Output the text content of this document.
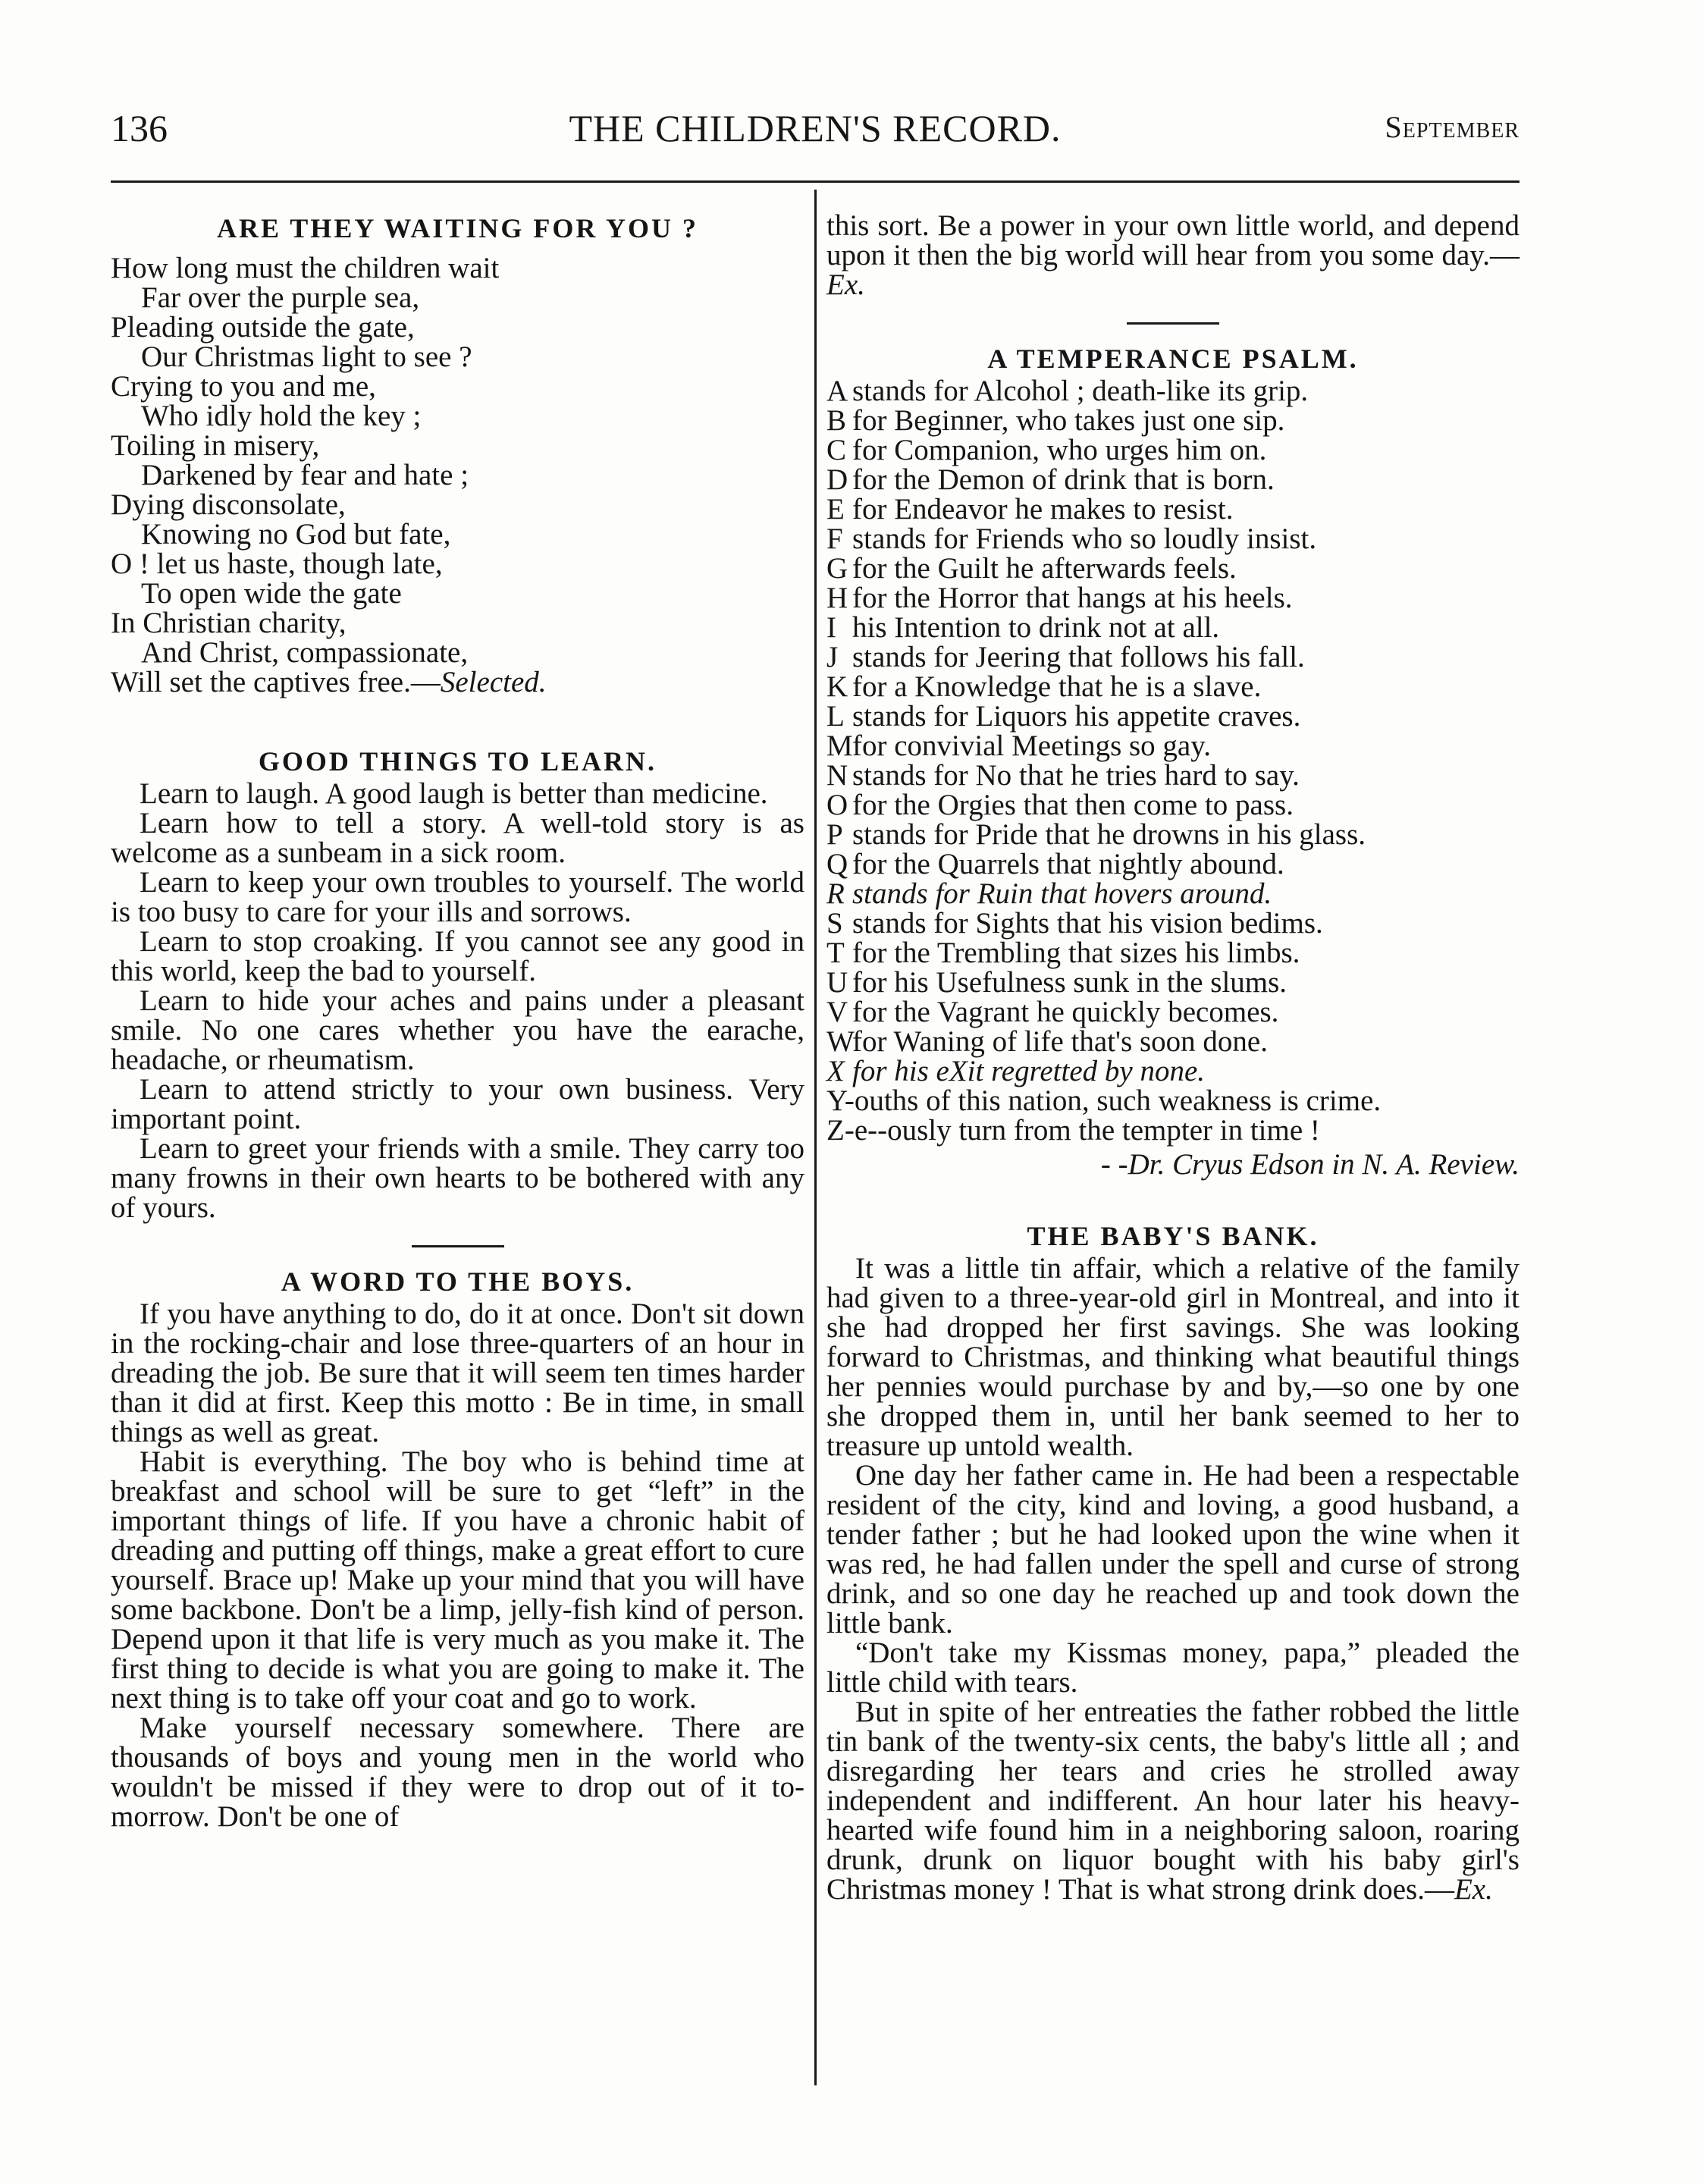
136	THE CHILDREN'S RECORD.	September
ARE THEY WAITING FOR YOU ?
How long must the children wait
Far over the purple sea,
Pleading outside the gate,
Our Christmas light to see ?
Crying to you and me,
Who idly hold the key ;
Toiling in misery,
Darkened by fear and hate ;
Dying disconsolate,
Knowing no God but fate,
O ! let us haste, though late,
To open wide the gate
In Christian charity,
And Christ, compassionate,
Will set the captives free.—Selected.
GOOD THINGS TO LEARN.

Learn to laugh. A good laugh is better than medicine.

Learn how to tell a story. A well-told story is as welcome as a sunbeam in a sick room.

Learn to keep your own troubles to yourself. The world is too busy to care for your ills and sorrows.

Learn to stop croaking. If you cannot see any good in this world, keep the bad to yourself.

Learn to hide your aches and pains under a pleasant smile. No one cares whether you have the earache, headache, or rheumatism.

Learn to attend strictly to your own business. Very important point.

Learn to greet your friends with a smile. They carry too many frowns in their own hearts to be bothered with any of yours.

A WORD TO THE BOYS.

If you have anything to do, do it at once. Don't sit down in the rocking-chair and lose three-quarters of an hour in dreading the job. Be sure that it will seem ten times harder than it did at first. Keep this motto : Be in time, in small things as well as great.

Habit is everything. The boy who is behind time at breakfast and school will be sure to get “left” in the important things of life. If you have a chronic habit of dreading and putting off things, make a great effort to cure yourself. Brace up! Make up your mind that you will have some backbone. Don't be a limp, jelly-fish kind of person. Depend upon it that life is very much as you make it. The first thing to decide is what you are going to make it. The next thing is to take off your coat and go to work.

Make yourself necessary somewhere. There are thousands of boys and young men in the world who wouldn't be missed if they were to drop out of it to-morrow. Don't be one of

this sort. Be a power in your own little world, and depend upon it then the big world will hear from you some day.—Ex.

A TEMPERANCE PSALM.
A stands for Alcohol ; death-like its grip.
B for Beginner, who takes just one sip.
C for Companion, who urges him on.
D for the Demon of drink that is born.
E for Endeavor he makes to resist.
F stands for Friends who so loudly insist.
G for the Guilt he afterwards feels.
H for the Horror that hangs at his heels.
I his Intention to drink not at all.
J stands for Jeering that follows his fall.
K for a Knowledge that he is a slave.
L stands for Liquors his appetite craves.
Mfor convivial Meetings so gay.
N stands for No that he tries hard to say.
O for the Orgies that then come to pass.
P stands for Pride that he drowns in his glass.
Q for the Quarrels that nightly abound.
R stands for Ruin that hovers around.
S stands for Sights that his vision bedims.
T for the Trembling that sizes his limbs.
U for his Usefulness sunk in the slums.
V for the Vagrant he quickly becomes.
Wfor Waning of life that's soon done.
X for his eXit regretted by none.
Y-ouths of this nation, such weakness is crime.
Z-e--ously turn from the tempter in time !
- -Dr. Cryus Edson in N. A. Review.
THE BABY'S BANK.

It was a little tin affair, which a relative of the family had given to a three-year-old girl in Montreal, and into it she had dropped her first savings. She was looking forward to Christmas, and thinking what beautiful things her pennies would purchase by and by,—so one by one she dropped them in, until her bank seemed to her to treasure up untold wealth.

One day her father came in. He had been a respectable resident of the city, kind and loving, a good husband, a tender father ; but he had looked upon the wine when it was red, he had fallen under the spell and curse of strong drink, and so one day he reached up and took down the little bank.

“Don't take my Kissmas money, papa,” pleaded the little child with tears.

But in spite of her entreaties the father robbed the little tin bank of the twenty-six cents, the baby's little all ; and disregarding her tears and cries he strolled away independent and indifferent. An hour later his heavy-hearted wife found him in a neighboring saloon, roaring drunk, drunk on liquor bought with his baby girl's Christmas money ! That is what strong drink does.—Ex.
